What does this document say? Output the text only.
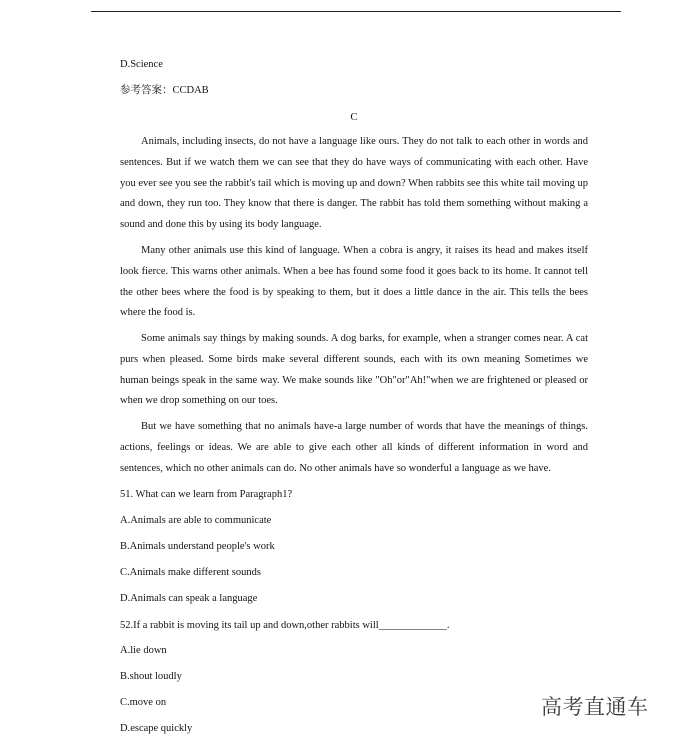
D.Science
参考答案：CCDAB
C

Animals, including insects, do not have a language like ours. They do not talk to each other in words and sentences. But if we watch them we can see that they do have ways of communicating with each other. Have you ever see you see the rabbit's tail which is moving up and down? When rabbits see this white tail moving up and down, they run too. They know that there is danger. The rabbit has told them something without making a sound and done this by using its body language.

Many other animals use this kind of language. When a cobra is angry, it raises its head and makes itself look fierce. This warns other animals. When a bee has found some food it goes back to its home. It cannot tell the other bees where the food is by speaking to them, but it does a little dance in the air. This tells the bees where the food is.

Some animals say things by making sounds. A dog barks, for example, when a stranger comes near. A cat purs when pleased. Some birds make several different sounds, each with its own meaning Sometimes we human beings speak in the same way. We make sounds like "Oh"or"Ah!"when we are frightened or pleased or when we drop something on our toes.

But we have something that no animals have-a large number of words that have the meanings of things. actions, feelings or ideas. We are able to give each other all kinds of different information in word and sentences, which no other animals can do. No other animals have so wonderful a language as we have.

51. What can we learn from Paragraph1?
A.Animals are able to communicate
B.Animals understand people's work
C.Animals make different sounds
D.Animals can speak a language
52.If a rabbit is moving its tail up and down,other rabbits will_____________.
A.lie down
B.shout loudly
C.move on
D.escape quickly
高考直通车
